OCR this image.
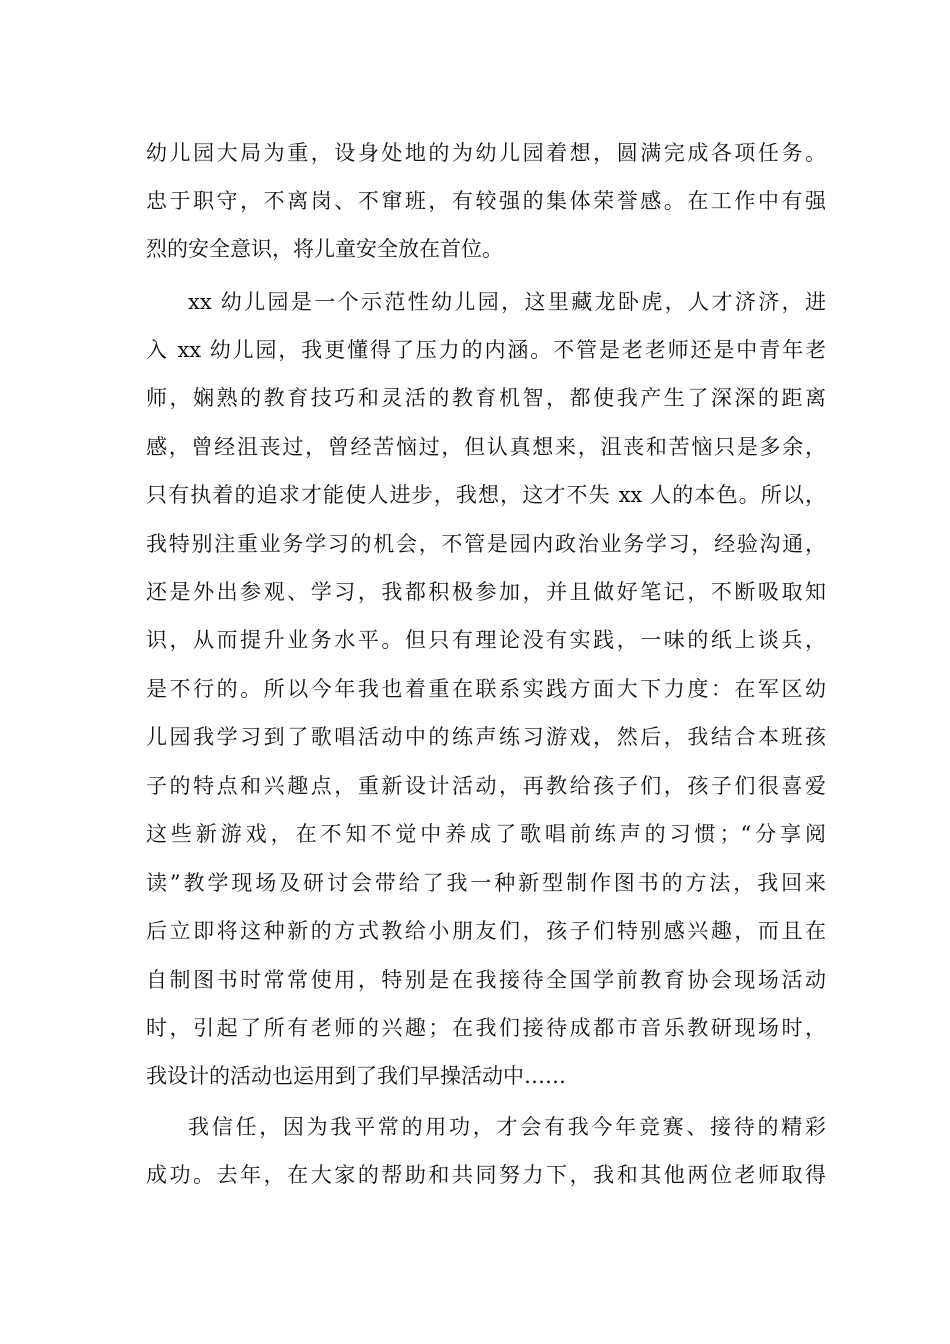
幼儿园大局为重，设身处地的为幼儿园着想，圆满完成各项任务。
忠于职守，不离岗、不窜班，有较强的集体荣誉感。在工作中有强
烈的安全意识，将儿童安全放在首位。
xx 幼儿园是一个示范性幼儿园，这里藏龙卧虎，人才济济，进
入 xx 幼儿园，我更懂得了压力的内涵。不管是老老师还是中青年老
师，娴熟的教育技巧和灵活的教育机智，都使我产生了深深的距离
感，曾经沮丧过，曾经苦恼过，但认真想来，沮丧和苦恼只是多余，
只有执着的追求才能使人进步，我想，这才不失 xx 人的本色。所以，
我特别注重业务学习的机会，不管是园内政治业务学习，经验沟通，
还是外出参观、学习，我都积极参加，并且做好笔记，不断吸取知
识，从而提升业务水平。但只有理论没有实践，一味的纸上谈兵，
是不行的。所以今年我也着重在联系实践方面大下力度：在军区幼
儿园我学习到了歌唱活动中的练声练习游戏，然后，我结合本班孩
子的特点和兴趣点，重新设计活动，再教给孩子们，孩子们很喜爱
这些新游戏，在不知不觉中养成了歌唱前练声的习惯；“分享阅
读”教学现场及研讨会带给了我一种新型制作图书的方法，我回来
后立即将这种新的方式教给小朋友们，孩子们特别感兴趣，而且在
自制图书时常常使用，特别是在我接待全国学前教育协会现场活动
时，引起了所有老师的兴趣；在我们接待成都市音乐教研现场时，
我设计的活动也运用到了我们早操活动中……
我信任，因为我平常的用功，才会有我今年竞赛、接待的精彩
成功。去年，在大家的帮助和共同努力下，我和其他两位老师取得
